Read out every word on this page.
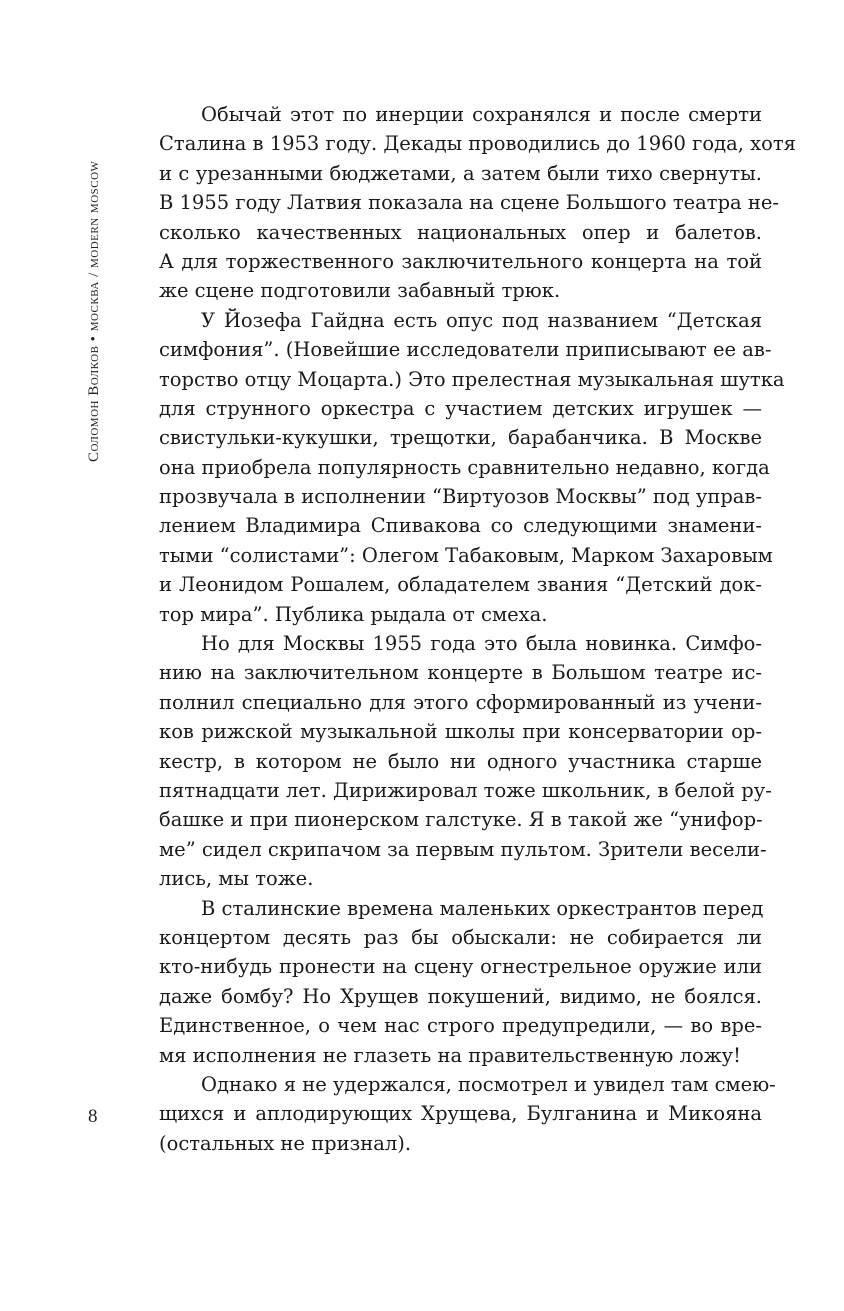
Соломон Волков • москва / modern moscow
8
Обычай этот по инерции сохранялся и после смерти
Сталина в 1953 году. Декады проводились до 1960 года, хотя
и с урезанными бюджетами, а затем были тихо свернуты.
В 1955 году Латвия показала на сцене Большого театра не-
сколько качественных национальных опер и балетов.
А для торжественного заключительного концерта на той
же сцене подготовили забавный трюк.
У Йозефа Гайдна есть опус под названием “Детская
симфония”. (Новейшие исследователи приписывают ее ав-
торство отцу Моцарта.) Это прелестная музыкальная шутка
для струнного оркестра с участием детских игрушек —
свистульки-кукушки, трещотки, барабанчика. В Москве
она приобрела популярность сравнительно недавно, когда
прозвучала в исполнении “Виртуозов Москвы” под управ-
лением Владимира Спивакова со следующими знамени-
тыми “солистами”: Олегом Табаковым, Марком Захаровым
и Леонидом Рошалем, обладателем звания “Детский док-
тор мира”. Публика рыдала от смеха.
Но для Москвы 1955 года это была новинка. Симфо-
нию на заключительном концерте в Большом театре ис-
полнил специально для этого сформированный из учени-
ков рижской музыкальной школы при консерватории ор-
кестр, в котором не было ни одного участника старше
пятнадцати лет. Дирижировал тоже школьник, в белой ру-
башке и при пионерском галстуке. Я в такой же “унифор-
ме” сидел скрипачом за первым пультом. Зрители весели-
лись, мы тоже.
В сталинские времена маленьких оркестрантов перед
концертом десять раз бы обыскали: не собирается ли
кто-нибудь пронести на сцену огнестрельное оружие или
даже бомбу? Но Хрущев покушений, видимо, не боялся.
Единственное, о чем нас строго предупредили, — во вре-
мя исполнения не глазеть на правительственную ложу!
Однако я не удержался, посмотрел и увидел там смею-
щихся и аплодирующих Хрущева, Булганина и Микояна
(остальных не признал).
